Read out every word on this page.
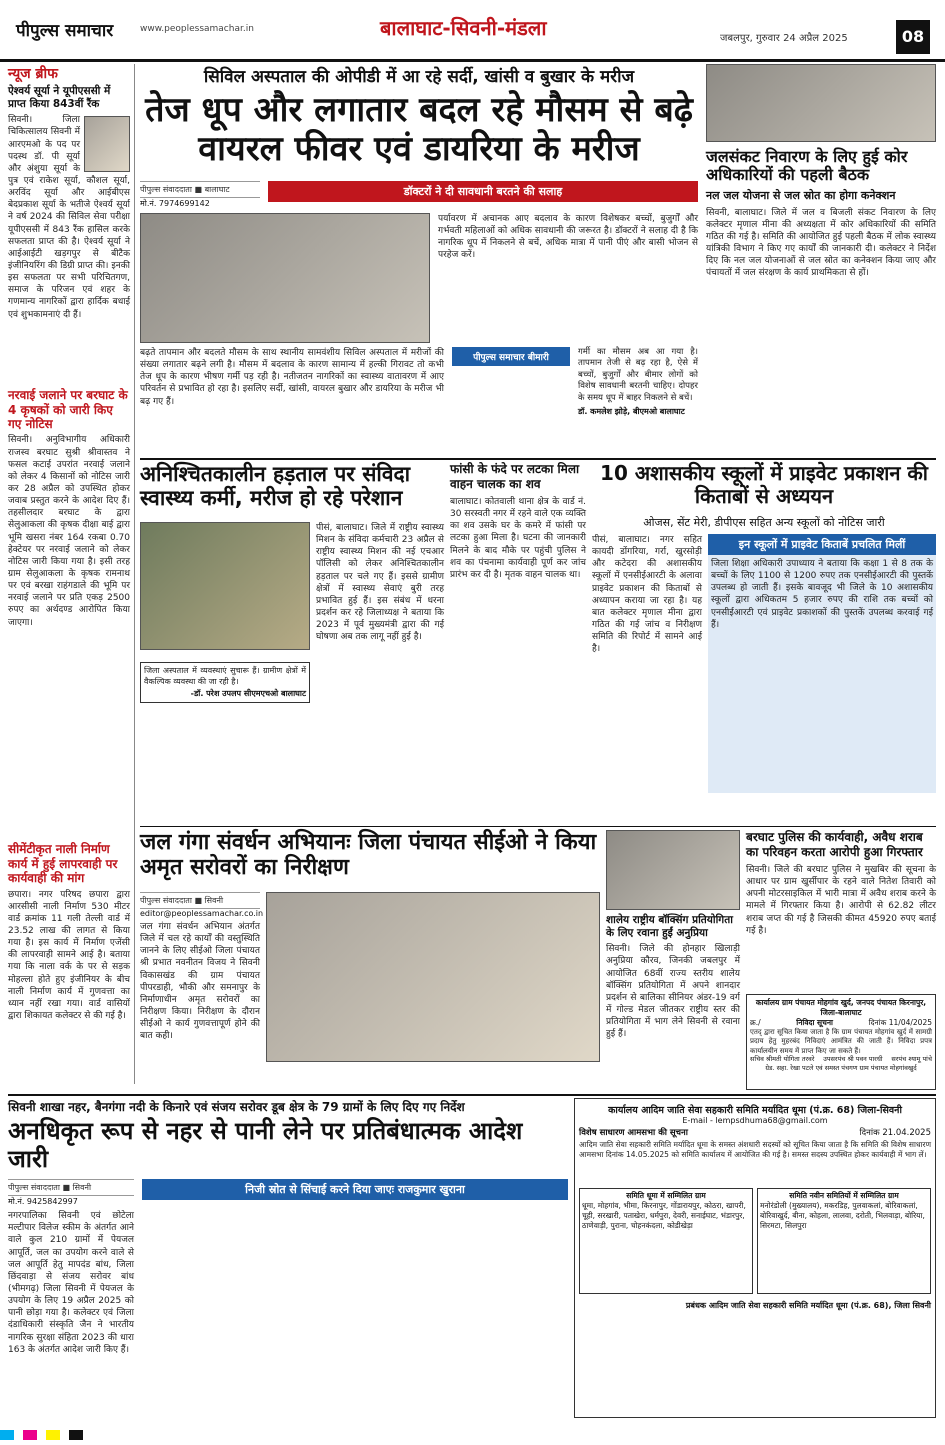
पीपुल्स समाचार	www.peoplessamachar.in	बालाघाट-सिवनी-मंडला	जबलपुर, गुरुवार 24 अप्रैल 2025	08
न्यूज ब्रीफ
ऐश्वर्य सूर्या ने यूपीएससी में प्राप्त किया 843वीं रैंक
सिवनी। जिला चिकित्सालय सिवनी में आरएमओ के पद पर पदस्थ डॉ. पी सूर्या और अंशुया सूर्या के पुत्र एवं राकेश सूर्या, कौशल सूर्या, अरविंद सूर्या और आईबीएस बेदप्रकाश सूर्या के भतीजे ऐश्वर्य सूर्या ने वर्ष 2024 की सिविल सेवा परीक्षा यूपीएससी में 843 रैंक हासिल करके सफलता प्राप्त की है। ऐश्वर्य सूर्या ने आईआईटी खड़गपुर से बीटैक इंजीनियरिंग की डिग्री प्राप्त की। इनकी इस सफलता पर सभी परिचितगण, समाज के परिजन एवं शहर के गणमान्य नागरिकों द्वारा हार्दिक बधाई एवं शुभकामनाएं दी हैं।
नरवाई जलाने पर बरघाट के 4 कृषकों को जारी किए गए नोटिस
सिवनी। अनुविभागीय अधिकारी राजस्व बरघाट सुश्री श्रीवास्तव ने फसल कटाई उपरांत नरवाई जलाने को लेकर 4 किसानों को नोटिस जारी कर 28 अप्रैल को उपस्थित होकर जवाब प्रस्तुत करने के आदेश दिए हैं। तहसीलदार बरघाट के द्वारा सेलुआकला की कृषक दीक्षा बाई द्वारा भूमि खसरा नंबर 164 रकबा 0.70 हेक्टेयर पर नरवाई जलाने को लेकर नोटिस जारी किया गया है। इसी तरह ग्राम सेलुआकला के कृषक रामनाथ पर एवं बरखा राहंगडाले की भूमि पर नरवाई जलाने पर प्रति एकड़ 2500 रुपए का अर्थदण्ड आरोपित किया जाएगा।
सीमेंटीकृत नाली निर्माण कार्य में हुई लापरवाही पर कार्यवाही की मांग
छपारा। नगर परिषद छपारा द्वारा आरसीसी नाली निर्माण 530 मीटर वार्ड क्रमांक 11 गली तेल्ली वार्ड में 23.52 लाख की लागत से किया गया है। इस कार्य में निर्माण एजेंसी की लापरवाही सामने आई है। बताया गया कि नाला वर्क के पर से सड़क मोहल्ला होते हुए इंजीनियर के बीच नाली निर्माण कार्य में गुणवत्ता का ध्यान नहीं रखा गया। वार्ड वासियों द्वारा शिकायत कलेक्टर से की गई है।
सिविल अस्पताल की ओपीडी में आ रहे सर्दी, खांसी व बुखार के मरीज
तेज धूप और लगातार बदल रहे मौसम से बढ़े वायरल फीवर एवं डायरिया के मरीज
पीपुल्स संवाददाता ■ बालाघाट
मो.नं. 7974699142
डॉक्टरों ने दी सावधानी बरतने की सलाह
पर्यावरण में अचानक आए बदलाव के कारण विशेषकर बच्चों, बुजुर्गों और गर्भवती महिलाओं को अधिक सावधानी की जरूरत है। डॉक्टरों ने सलाह दी है कि नागरिक धूप में निकलने से बचें, अधिक मात्रा में पानी पीएं और बासी भोजन से परहेज करें।
बढ़ते तापमान और बदलते मौसम के साथ स्थानीय सामवंशीय सिविल अस्पताल में मरीजों की संख्या लगातार बढ़ने लगी है। मौसम में बदलाव के कारण सामान्य में हल्की गिरावट तो कभी तेज धूप के कारण भीषण गर्मी पड़ रही है। नतीजतन नागरिकों का स्वास्थ्य वातावरण में आए परिवर्तन से प्रभावित हो रहा है। इसलिए सर्दी, खांसी, वायरल बुखार और डायरिया के मरीज भी बढ़ गए हैं।
पीपुल्स समाचार बीमारी
गर्मी का मौसम अब आ गया है। तापमान तेजी से बढ़ रहा है, ऐसे में बच्चों, बुजुर्गों और बीमार लोगों को विशेष सावधानी बरतनी चाहिए। दोपहर के समय धूप में बाहर निकलने से बचें।
डॉ. कमलेश झोड़े, बीएमओ बालाघाट
जलसंकट निवारण के लिए हुई कोर अधिकारियों की पहली बैठक
नल जल योजना से जल स्रोत का होगा कनेक्शन
सिवनी, बालाघाट। जिले में जल व बिजली संकट निवारण के लिए कलेक्टर मृणाल मीना की अध्यक्षता में कोर अधिकारियों की समिति गठित की गई है। समिति की आयोजित हुई पहली बैठक में लोक स्वास्थ्य यांत्रिकी विभाग ने किए गए कार्यों की जानकारी दी। कलेक्टर ने निर्देश दिए कि नल जल योजनाओं से जल स्रोत का कनेक्शन किया जाए और पंचायतों में जल संरक्षण के कार्य प्राथमिकता से हों।
अनिश्चितकालीन हड़ताल पर संविदा स्वास्थ्य कर्मी, मरीज हो रहे परेशान
पीसं, बालाघाट। जिले में राष्ट्रीय स्वास्थ्य मिशन के संविदा कर्मचारी 23 अप्रैल से राष्ट्रीय स्वास्थ्य मिशन की नई एचआर पॉलिसी को लेकर अनिश्चितकालीन हड़ताल पर चले गए हैं। इससे ग्रामीण क्षेत्रों में स्वास्थ्य सेवाएं बुरी तरह प्रभावित हुई हैं। इस संबंध में धरना प्रदर्शन कर रहे जिलाध्यक्ष ने बताया कि 2023 में पूर्व मुख्यमंत्री द्वारा की गई घोषणा अब तक लागू नहीं हुई है।
जिला अस्पताल में व्यवस्थाएं सुचारू हैं। ग्रामीण क्षेत्रों में वैकल्पिक व्यवस्था की जा रही है।
-डॉ. परेश उपलप सीएमएचओ बालाघाट
फांसी के फंदे पर लटका मिला वाहन चालक का शव
बालाघाट। कोतवाली थाना क्षेत्र के वार्ड नं. 30 सरस्वती नगर में रहने वाले एक व्यक्ति का शव उसके घर के कमरे में फांसी पर लटका हुआ मिला है। घटना की जानकारी मिलने के बाद मौके पर पहुंची पुलिस ने शव का पंचनामा कार्यवाही पूर्ण कर जांच प्रारंभ कर दी है। मृतक वाहन चालक था।
10 अशासकीय स्कूलों में प्राइवेट प्रकाशन की किताबों से अध्ययन
ओजस, सेंट मेरी, डीपीएस सहित अन्य स्कूलों को नोटिस जारी
पीसं, बालाघाट। नगर सहित कायदी डोंगरिया, गर्रा, खुरसोड़ी और कटेदरा की अशासकीय स्कूलों में एनसीईआरटी के अलावा प्राइवेट प्रकाशन की किताबों से अध्यापन कराया जा रहा है। यह बात कलेक्टर मृणाल मीना द्वारा गठित की गई जांच व निरीक्षण समिति की रिपोर्ट में सामने आई है।
इन स्कूलों में प्राइवेट किताबें प्रचलित मिलीं
जिला शिक्षा अधिकारी उपाध्याय ने बताया कि कक्षा 1 से 8 तक के बच्चों के लिए 1100 से 1200 रुपए तक एनसीईआरटी की पुस्तकें उपलब्ध हो जाती हैं। इसके बावजूद भी जिले के 10 अशासकीय स्कूलों द्वारा अधिकतम 5 हजार रुपए की राशि तक बच्चों को एनसीईआरटी एवं प्राइवेट प्रकाशकों की पुस्तकें उपलब्ध करवाई गई हैं।
जल गंगा संवर्धन अभियानः जिला पंचायत सीईओ ने किया अमृत सरोवरों का निरीक्षण
पीपुल्स संवाददाता ■ सिवनी
editor@peoplessamachar.co.in
जल गंगा संवर्धन अभियान अंतर्गत जिले में चल रहे कार्यों की वस्तुस्थिति जानने के लिए सीईओ जिला पंचायत श्री प्रभात नवनीतन विजय ने सिवनी विकासखंड की ग्राम पंचायत पीपरडाही, भौकी और समनापुर के निर्माणाधीन अमृत सरोवरों का निरीक्षण किया। निरीक्षण के दौरान सीईओ ने कार्य गुणवत्तापूर्ण होने की बात कही।
शालेय राष्ट्रीय बॉक्सिंग प्रतियोगिता के लिए रवाना हुईं अनुप्रिया
सिवनी। जिले की होनहार खिलाड़ी अनुप्रिया कौरव, जिनकी जबलपुर में आयोजित 68वीं राज्य स्तरीय शालेय बॉक्सिंग प्रतियोगिता में अपने शानदार प्रदर्शन से बालिका सीनियर अंडर-19 वर्ग में गोल्ड मेडल जीतकर राष्ट्रीय स्तर की प्रतियोगिता में भाग लेने सिवनी से रवाना हुई हैं।
बरघाट पुलिस की कार्यवाही, अवैध शराब का परिवहन करता आरोपी हुआ गिरफ्तार
सिवनी। जिले की बरघाट पुलिस ने मुखबिर की सूचना के आधार पर ग्राम खुर्सीपार के रहने वाले नितेश तिवारी को अपनी मोटरसाइकिल में भारी मात्रा में अवैध शराब करने के मामले में गिरफ्तार किया है। आरोपी से 62.82 लीटर शराब जप्त की गई है जिसकी कीमत 45920 रुपए बताई गई है।
कार्यालय ग्राम पंचायत मोहगांव खुर्द, जनपद पंचायत किरनापुर, जिला-बालाघाट
क्र./	निविदा सूचना	दिनांक 11/04/2025
एतद् द्वारा सूचित किया जाता है कि ग्राम पंचायत मोहगांव खुर्द में सामग्री प्रदाय हेतु मुहरबंद निविदाएं आमंत्रित की जाती हैं। निविदा प्रपत्र कार्यालयीन समय में प्राप्त किए जा सकते हैं।
सचिव श्रीमती योगिता तरवरे उपसरपंच श्री पवन पारधी सरपंच श्यामू पांचे
ग्रेड. सहा. रेखा पटले एवं समस्त पंचगण ग्राम पंचायत मोहगांवखुर्द
सिवनी शाखा नहर, बैनगंगा नदी के किनारे एवं संजय सरोवर डूब क्षेत्र के 79 ग्रामों के लिए दिए गए निर्देश
अनधिकृत रूप से नहर से पानी लेने पर प्रतिबंधात्मक आदेश जारी
पीपुल्स संवाददाता ■ सिवनी
मो.नं. 9425842997
नगरपालिका सिवनी एवं छोटेला मल्टीपार विलेज स्कीम के अंतर्गत आने वाले कुल 210 ग्रामों में पेयजल आपूर्ति, जल का उपयोग करने वाले से जल आपूर्ति हेतु मापदंड बांध, जिला छिंदवाड़ा से संजय सरोवर बांध (भीमगढ़) जिला सिवनी में पेयजल के उपयोग के लिए 19 अप्रैल 2025 को पानी छोड़ा गया है। कलेक्टर एवं जिला दंडाधिकारी संस्कृति जैन ने भारतीय नागरिक सुरक्षा संहिता 2023 की धारा 163 के अंतर्गत आदेश जारी किए हैं।
निजी स्रोत से सिंचाई करने दिया जाएः राजकुमार खुराना
कार्यालय आदिम जाति सेवा सहकारी समिति मर्यादित धूमा (पं.क्र. 68) जिला-सिवनी
E-mail - lempsdhuma68@gmail.com
विशेष साधारण आमसभा की सूचना	दिनांक 21.04.2025
आदिम जाति सेवा सहकारी समिति मर्यादित धूमा के समस्त अंशधारी सदस्यों को सूचित किया जाता है कि समिति की विशेष साधारण आमसभा दिनांक 14.05.2025 को समिति कार्यालय में आयोजित की गई है। समस्त सदस्य उपस्थित होकर कार्यवाही में भाग लें।
समिति धूमा में सम्मिलित ग्राम
धूमा, मोहगांव, भीमा, किरनापुर, गोंडारायपुर, कोठरा, खापरी, चूही, सरखारी, पताखेरा, धर्मपुरा, देवरी, सनाईघाट, भंडारपुर, ठाणेवाड़ी, पुराना, चोहनकंदला, कोडीखेड़ा
समिति नवीन समितियों में सम्मिलित ग्राम
मनोरंडोली (मुख्यालय), मकरडिह, पुलवाकलां, बोरिवाकलां, बोरिवाखुर्द, बीना, कोहला, लालवा, दरोती, भिलवाड़ा, बोरिया, सिरमटा, सिलपुरा
प्रबंधक आदिम जाति सेवा सहकारी समिति मर्यादित धूमा (पं.क्र. 68), जिला सिवनी
